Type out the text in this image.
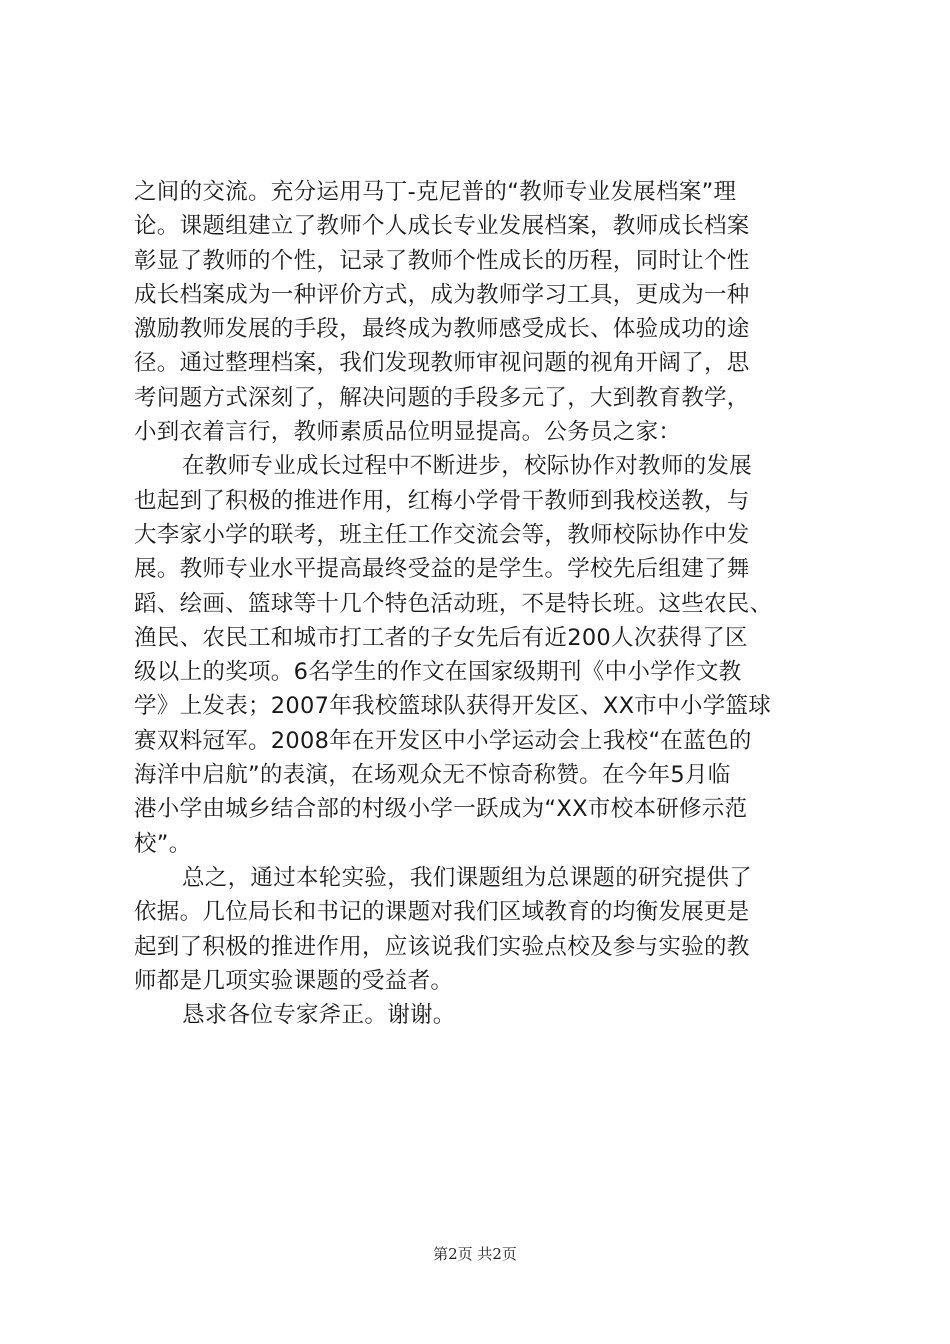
之间的交流。充分运用马丁-克尼普的“教师专业发展档案”理
论。课题组建立了教师个人成长专业发展档案，教师成长档案
彰显了教师的个性，记录了教师个性成长的历程，同时让个性
成长档案成为一种评价方式，成为教师学习工具，更成为一种
激励教师发展的手段，最终成为教师感受成长、体验成功的途
径。通过整理档案，我们发现教师审视问题的视角开阔了，思
考问题方式深刻了，解决问题的手段多元了，大到教育教学，
小到衣着言行，教师素质品位明显提高。公务员之家：
在教师专业成长过程中不断进步，校际协作对教师的发展
也起到了积极的推进作用，红梅小学骨干教师到我校送教，与
大李家小学的联考，班主任工作交流会等，教师校际协作中发
展。教师专业水平提高最终受益的是学生。学校先后组建了舞
蹈、绘画、篮球等十几个特色活动班，不是特长班。这些农民、
渔民、农民工和城市打工者的子女先后有近200人次获得了区
级以上的奖项。6名学生的作文在国家级期刊《中小学作文教
学》上发表；2007年我校篮球队获得开发区、XX市中小学篮球
赛双料冠军。2008年在开发区中小学运动会上我校“在蓝色的
海洋中启航”的表演，在场观众无不惊奇称赞。在今年5月临
港小学由城乡结合部的村级小学一跃成为“XX市校本研修示范
校”。
总之，通过本轮实验，我们课题组为总课题的研究提供了
依据。几位局长和书记的课题对我们区域教育的均衡发展更是
起到了积极的推进作用，应该说我们实验点校及参与实验的教
师都是几项实验课题的受益者。
恳求各位专家斧正。谢谢。
第2页 共2页
